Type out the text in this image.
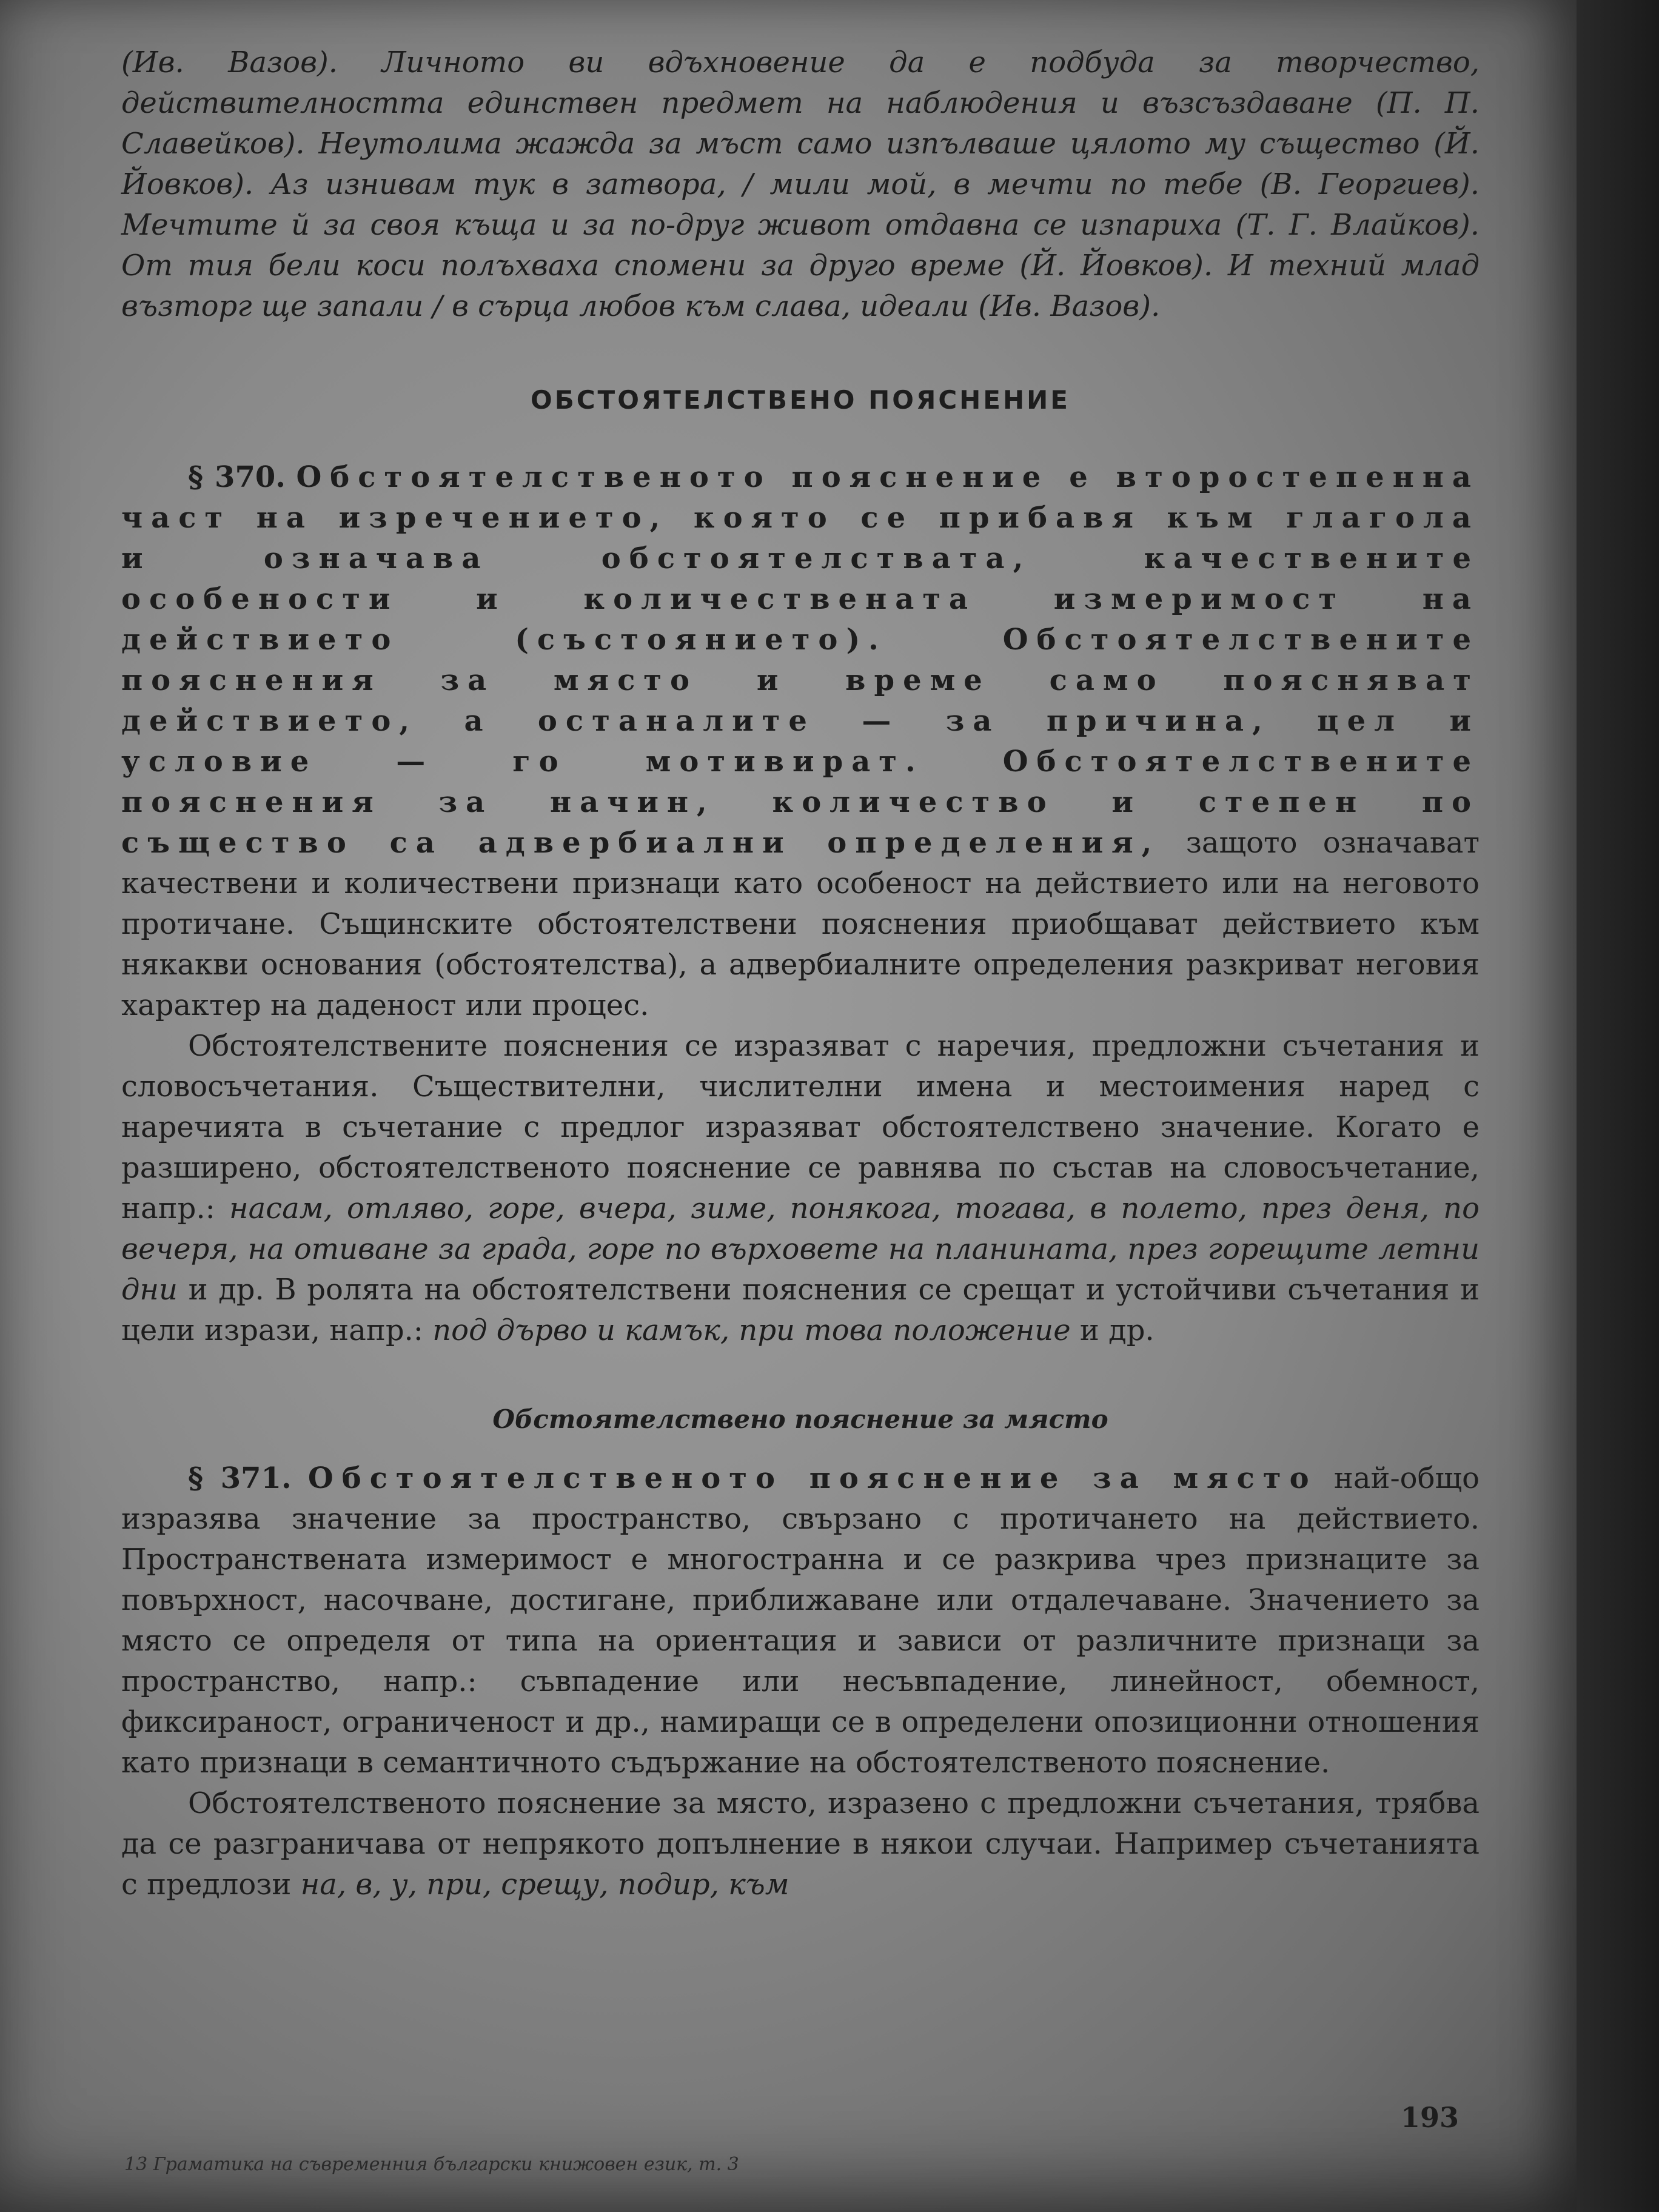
(Ив. Вазов). Личното ви вдъхновение да е подбуда за творчество, действителността единствен предмет на наблюдения и възсъздаване (П. П. Славейков). Неутолима жажда за мъст само изпълваше цялото му същество (Й. Йовков). Аз изнивам тук в затвора, / мили мой, в мечти по тебе (В. Георгиев). Мечтите й за своя къща и за по-друг живот отдавна се изпариха (Т. Г. Влайков). От тия бели коси полъхваха спомени за друго време (Й. Йовков). И техний млад възторг ще запали / в сърца любов към слава, идеали (Ив. Вазов).

ОБСТОЯТЕЛСТВЕНО ПОЯСНЕНИЕ

§ 370. Обстоятелственото пояснение е второстепенна част на изречението, която се прибавя към глагола и означава обстоятелствата, качествените особености и количествената измеримост на действието (състоянието). Обстоятелствените пояснения за място и време само поясняват действието, а останалите — за причина, цел и условие — го мотивират. Обстоятелствените пояснения за начин, количество и степен по същество са адвербиални определения, защото означават качествени и количествени признаци като особеност на действието или на неговото протичане. Същинските обстоятелствени пояснения приобщават действието към някакви основания (обстоятелства), а адвербиалните определения разкриват неговия характер на даденост или процес.

Обстоятелствените пояснения се изразяват с наречия, предложни съчетания и словосъчетания. Съществителни, числителни имена и местоимения наред с наречията в съчетание с предлог изразяват обстоятелствено значение. Когато е разширено, обстоятелственото пояснение се равнява по състав на словосъчетание, напр.: насам, отляво, горе, вчера, зиме, понякога, тогава, в полето, през деня, по вечеря, на отиване за града, горе по върховете на планината, през горещите летни дни и др. В ролята на обстоятелствени пояснения се срещат и устойчиви съчетания и цели изрази, напр.: под дърво и камък, при това положение и др.

Обстоятелствено пояснение за място

§ 371. Обстоятелственото пояснение за място най-общо изразява значение за пространство, свързано с протичането на действието. Пространствената измеримост е многостранна и се разкрива чрез признаците за повърхност, насочване, достигане, приближаване или отдалечаване. Значението за място се определя от типа на ориентация и зависи от различните признаци за пространство, напр.: съвпадение или несъвпадение, линейност, обемност, фиксираност, ограниченост и др., намиращи се в определени опозиционни отношения като признаци в семантичното съдържание на обстоятелственото пояснение.

Обстоятелственото пояснение за място, изразено с предложни съчетания, трябва да се разграничава от непрякото допълнение в някои случаи. Например съчетанията с предлози на, в, у, при, срещу, подир, към

193
13 Граматика на съвременния български книжовен език, т. 3
